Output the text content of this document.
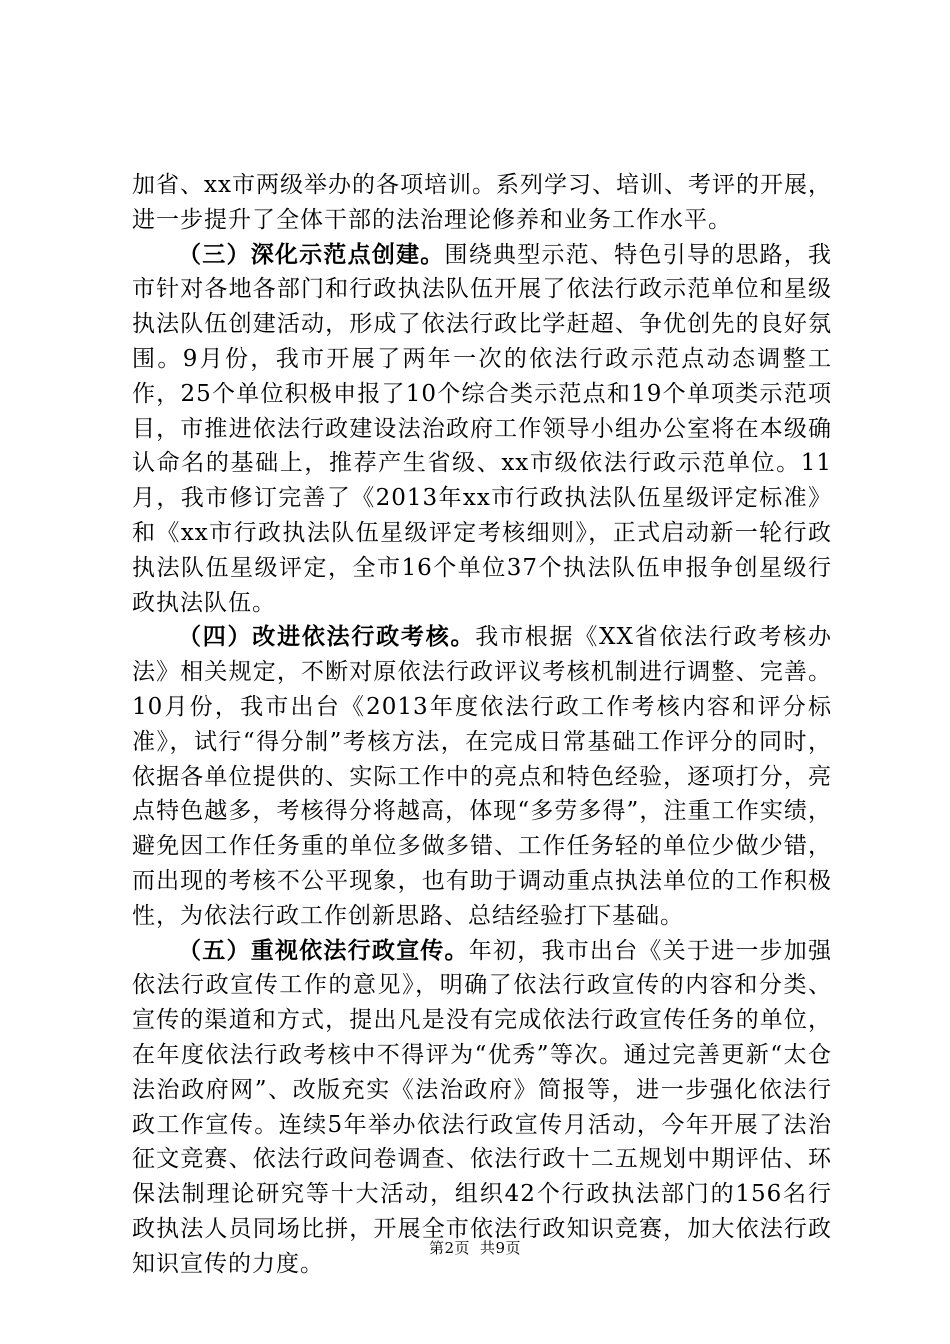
加省、xx市两级举办的各项培训。系列学习、培训、考评的开展，进一步提升了全体干部的法治理论修养和业务工作水平。

（三）深化示范点创建。围绕典型示范、特色引导的思路，我市针对各地各部门和行政执法队伍开展了依法行政示范单位和星级执法队伍创建活动，形成了依法行政比学赶超、争优创先的良好氛围。9月份，我市开展了两年一次的依法行政示范点动态调整工作，25个单位积极申报了10个综合类示范点和19个单项类示范项目，市推进依法行政建设法治政府工作领导小组办公室将在本级确认命名的基础上，推荐产生省级、xx市级依法行政示范单位。11月，我市修订完善了《2013年xx市行政执法队伍星级评定标准》和《xx市行政执法队伍星级评定考核细则》，正式启动新一轮行政执法队伍星级评定，全市16个单位37个执法队伍申报争创星级行政执法队伍。

（四）改进依法行政考核。我市根据《XX省依法行政考核办法》相关规定，不断对原依法行政评议考核机制进行调整、完善。10月份，我市出台《2013年度依法行政工作考核内容和评分标准》，试行“得分制”考核方法，在完成日常基础工作评分的同时，依据各单位提供的、实际工作中的亮点和特色经验，逐项打分，亮点特色越多，考核得分将越高，体现“多劳多得”，注重工作实绩，避免因工作任务重的单位多做多错、工作任务轻的单位少做少错，而出现的考核不公平现象，也有助于调动重点执法单位的工作积极性，为依法行政工作创新思路、总结经验打下基础。

（五）重视依法行政宣传。年初，我市出台《关于进一步加强依法行政宣传工作的意见》，明确了依法行政宣传的内容和分类、宣传的渠道和方式，提出凡是没有完成依法行政宣传任务的单位，在年度依法行政考核中不得评为“优秀”等次。通过完善更新“太仓法治政府网”、改版充实《法治政府》简报等，进一步强化依法行政工作宣传。连续5年举办依法行政宣传月活动，今年开展了法治征文竞赛、依法行政问卷调查、依法行政十二五规划中期评估、环保法制理论研究等十大活动，组织42个行政执法部门的156名行政执法人员同场比拼，开展全市依法行政知识竞赛，加大依法行政知识宣传的力度。

第2页 共9页
